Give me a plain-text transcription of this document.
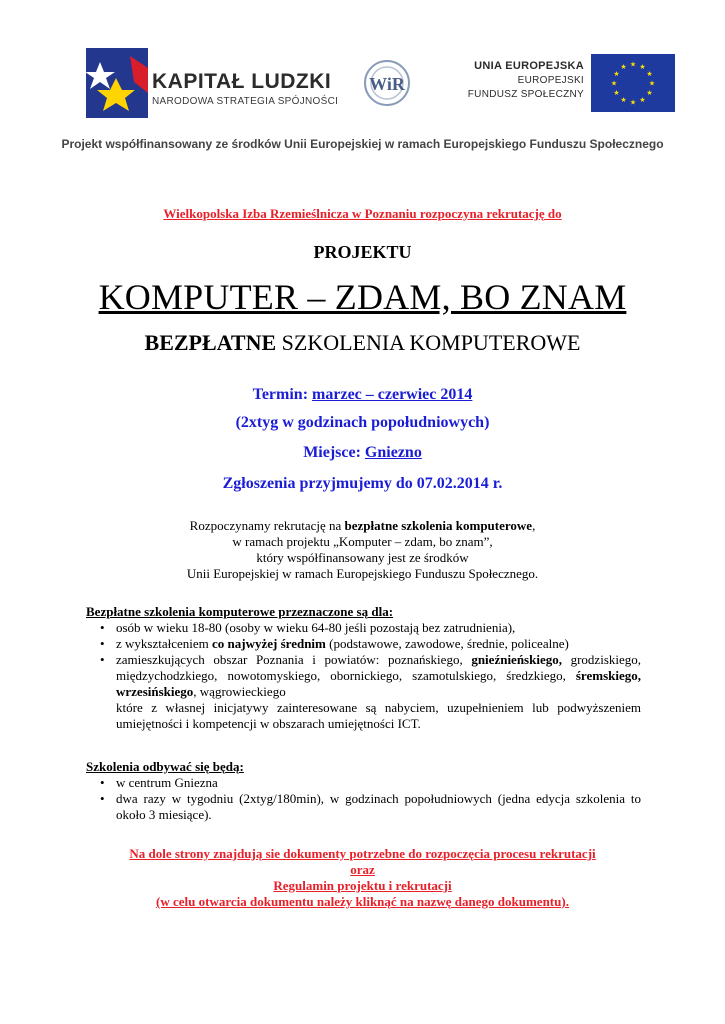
KAPITAŁ LUDZKI
NARODOWA STRATEGIA SPÓJNOŚCI
WiR
UNIA EUROPEJSKA
EUROPEJSKI
FUNDUSZ SPOŁECZNY
★ ★
★
★
★
★
★
★
★
★
★
★
Projekt współfinansowany ze środków Unii Europejskiej w ramach Europejskiego Funduszu Społecznego
Wielkopolska Izba Rzemieślnicza w Poznaniu rozpoczyna rekrutację do
PROJEKTU
KOMPUTER – ZDAM, BO ZNAM
BEZPŁATNE SZKOLENIA KOMPUTEROWE
Termin: marzec – czerwiec 2014
(2xtyg w godzinach popołudniowych)
Miejsce: Gniezno
Zgłoszenia przyjmujemy do 07.02.2014 r.

Rozpoczynamy rekrutację na bezpłatne szkolenia komputerowe,

w ramach projektu „Komputer – zdam, bo znam”,

który współfinansowany jest ze środków

Unii Europejskiej w ramach Europejskiego Funduszu Społecznego.

Bezpłatne szkolenia komputerowe przeznaczone są dla:
• osób w wieku 18-80 (osoby w wieku 64-80 jeśli pozostają bez zatrudnienia),
• z wykształceniem co najwyżej średnim (podstawowe, zawodowe, średnie, policealne)
• zamieszkujących obszar Poznania i powiatów: poznańskiego, gnieźnieńskiego, grodziskiego, międzychodzkiego, nowotomyskiego, obornickiego, szamotulskiego, średzkiego, śremskiego, wrzesińskiego, wągrowieckiego
które z własnej inicjatywy zainteresowane są nabyciem, uzupełnieniem lub podwyższeniem umiejętności i kompetencji w obszarach umiejętności ICT.
Szkolenia odbywać się będą:
• w centrum Gniezna
• dwa razy w tygodniu (2xtyg/180min), w godzinach popołudniowych (jedna edycja szkolenia to około 3 miesiące).

Na dole strony znajdują sie dokumenty potrzebne do rozpoczęcia procesu rekrutacji

oraz

Regulamin projektu i rekrutacji

(w celu otwarcia dokumentu należy kliknąć na nazwę danego dokumentu).
